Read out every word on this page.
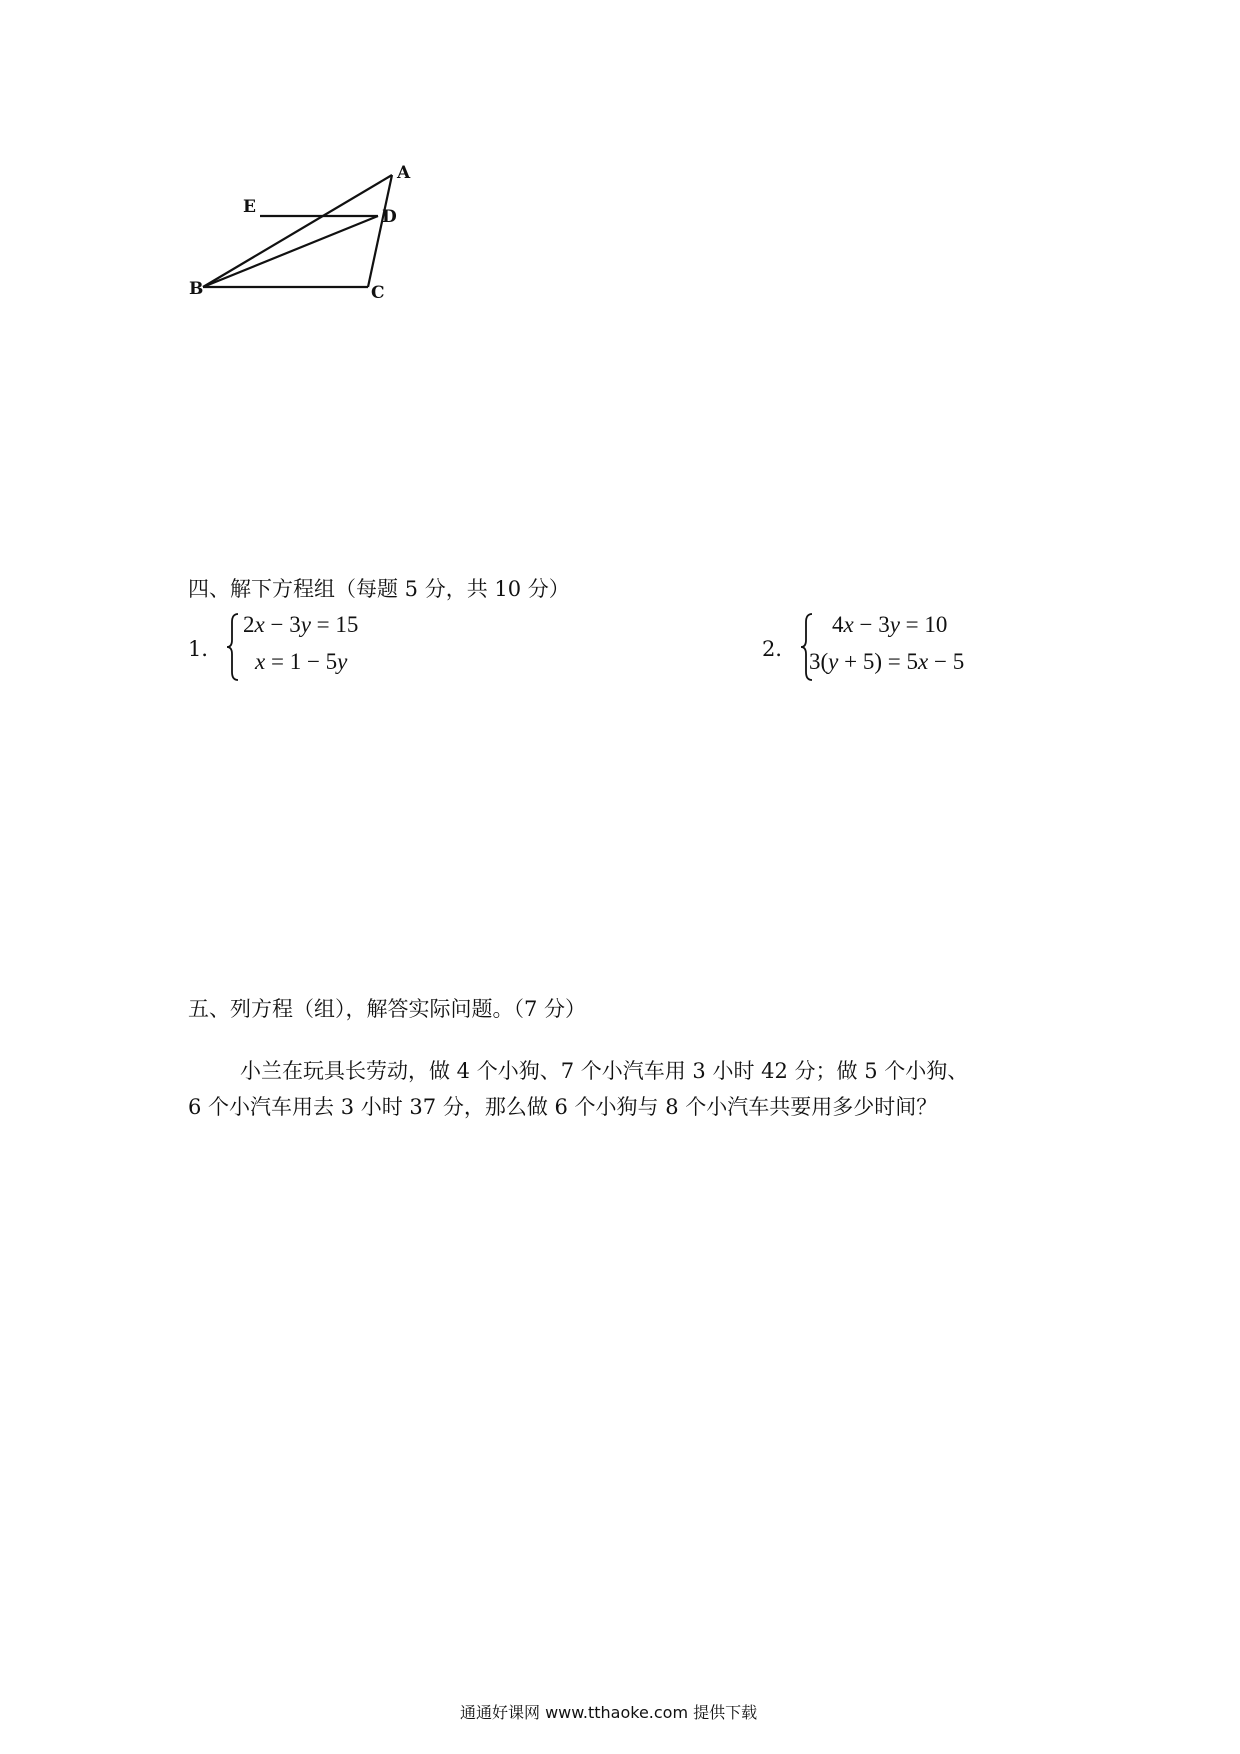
A
E	D
B	C
四、解下方程组（每题 5 分，共 10 分）
1．
2x − 3y = 15
x = 1 − 5y	2．
4x − 3y = 10
3(y + 5) = 5x − 5
五、列方程（组），解答实际问题。（7 分）
小兰在玩具长劳动，做 4 个小狗、7 个小汽车用 3 小时 42 分；做 5 个小狗、
6 个小汽车用去 3 小时 37 分，那么做 6 个小狗与 8 个小汽车共要用多少时间？
通通好课网 www.tthaoke.com 提供下载
